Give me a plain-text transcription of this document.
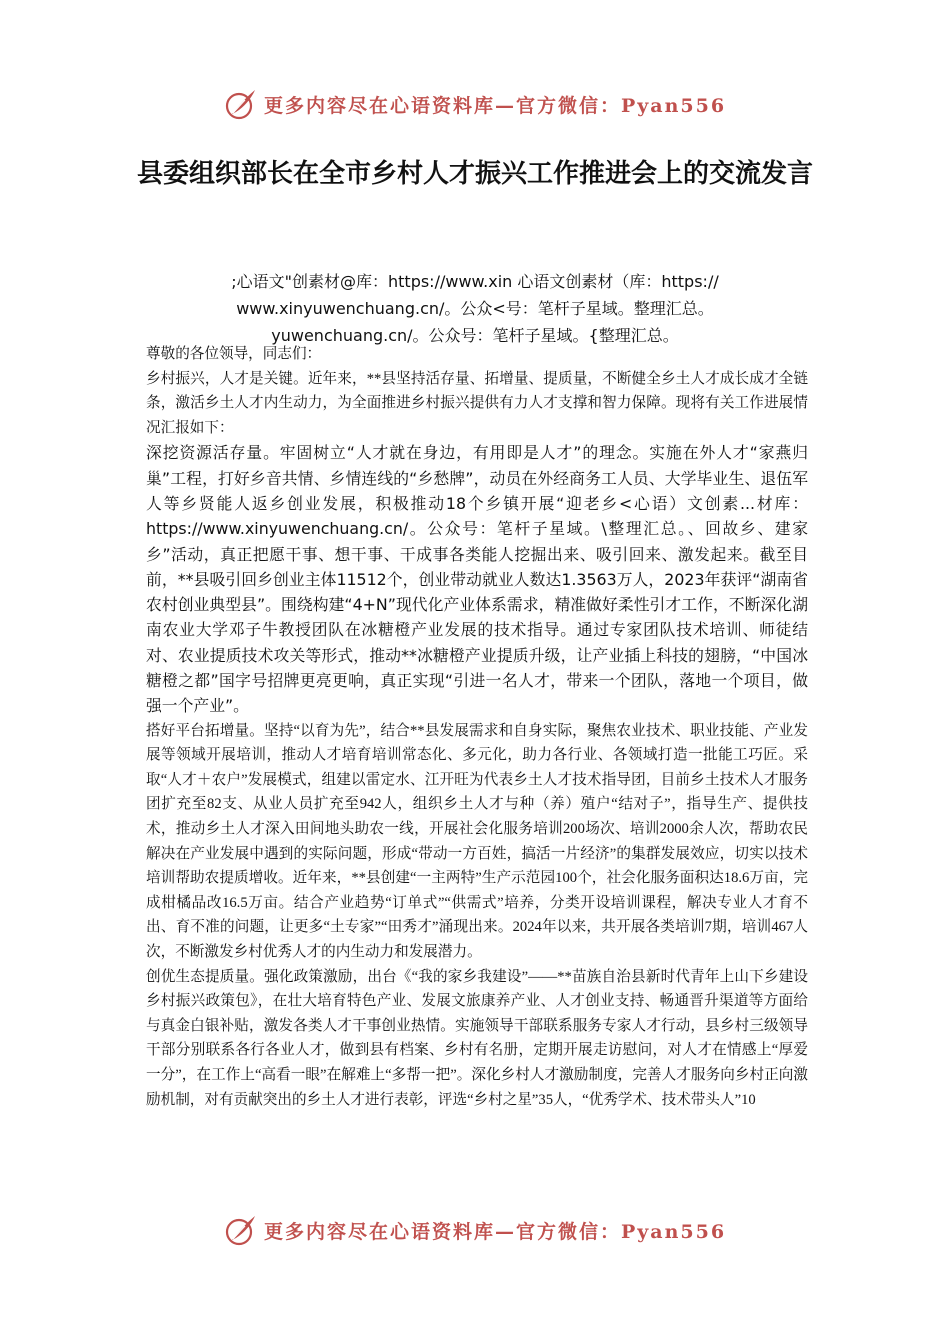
更多内容尽在心语资料库—官方微信：Pyan556
县委组织部长在全市乡村人才振兴工作推进会上的交流发言
;心语文"创素材@库：https://www.xin 心语文创素材（库：https://
www.xinyuwenchuang.cn/。公众<号：笔杆子星域。整理汇总。
yuwenchuang.cn/。公众号：笔杆子星域。{整理汇总。

尊敬的各位领导，同志们：

乡村振兴，人才是关键。近年来，**县坚持活存量、拓增量、提质量，不断健全乡土人才成长成才全链条，激活乡土人才内生动力，为全面推进乡村振兴提供有力人才支撑和智力保障。现将有关工作进展情况汇报如下：

深挖资源活存量。牢固树立“人才就在身边，有用即是人才”的理念。实施在外人才“家燕归巢”工程，打好乡音共情、乡情连线的“乡愁牌”，动员在外经商务工人员、大学毕业生、退伍军人等乡贤能人返乡创业发展，积极推动18个乡镇开展“迎老乡<心语）文创素...材库：https://www.xinyuwenchuang.cn/。公众号：笔杆子星域。\整理汇总。、回故乡、建家乡”活动，真正把愿干事、想干事、干成事各类能人挖掘出来、吸引回来、激发起来。截至目前，**县吸引回乡创业主体11512个，创业带动就业人数达1.3563万人，2023年获评“湖南省农村创业典型县”。围绕构建“4+N”现代化产业体系需求，精准做好柔性引才工作，不断深化湖南农业大学邓子牛教授团队在冰糖橙产业发展的技术指导。通过专家团队技术培训、师徒结对、农业提质技术攻关等形式，推动**冰糖橙产业提质升级，让产业插上科技的翅膀，“中国冰糖橙之都”国字号招牌更亮更响，真正实现“引进一名人才，带来一个团队，落地一个项目，做强一个产业”。

搭好平台拓增量。坚持“以育为先”，结合**县发展需求和自身实际，聚焦农业技术、职业技能、产业发展等领域开展培训，推动人才培育培训常态化、多元化，助力各行业、各领域打造一批能工巧匠。采取“人才＋农户”发展模式，组建以雷定水、江开旺为代表乡土人才技术指导团，目前乡土技术人才服务团扩充至82支、从业人员扩充至942人，组织乡土人才与种（养）殖户“结对子”，指导生产、提供技术，推动乡土人才深入田间地头助农一线，开展社会化服务培训200场次、培训2000余人次，帮助农民解决在产业发展中遇到的实际问题，形成“带动一方百姓，搞活一片经济”的集群发展效应，切实以技术培训帮助农提质增收。近年来，**县创建“一主两特”生产示范园100个，社会化服务面积达18.6万亩，完成柑橘品改16.5万亩。结合产业趋势“订单式”“供需式”培养，分类开设培训课程，解决专业人才育不出、育不准的问题，让更多“土专家”“田秀才”涌现出来。2024年以来，共开展各类培训7期，培训467人次，不断激发乡村优秀人才的内生动力和发展潜力。

创优生态提质量。强化政策激励，出台《“我的家乡我建设”——**苗族自治县新时代青年上山下乡建设乡村振兴政策包》，在壮大培育特色产业、发展文旅康养产业、人才创业支持、畅通晋升渠道等方面给与真金白银补贴，激发各类人才干事创业热情。实施领导干部联系服务专家人才行动，县乡村三级领导干部分别联系各行各业人才，做到县有档案、乡村有名册，定期开展走访慰问，对人才在情感上“厚爱一分”，在工作上“高看一眼”在解难上“多帮一把”。深化乡村人才激励制度，完善人才服务向乡村正向激励机制，对有贡献突出的乡土人才进行表彰，评选“乡村之星”35人，“优秀学术、技术带头人”10

更多内容尽在心语资料库—官方微信：Pyan556
